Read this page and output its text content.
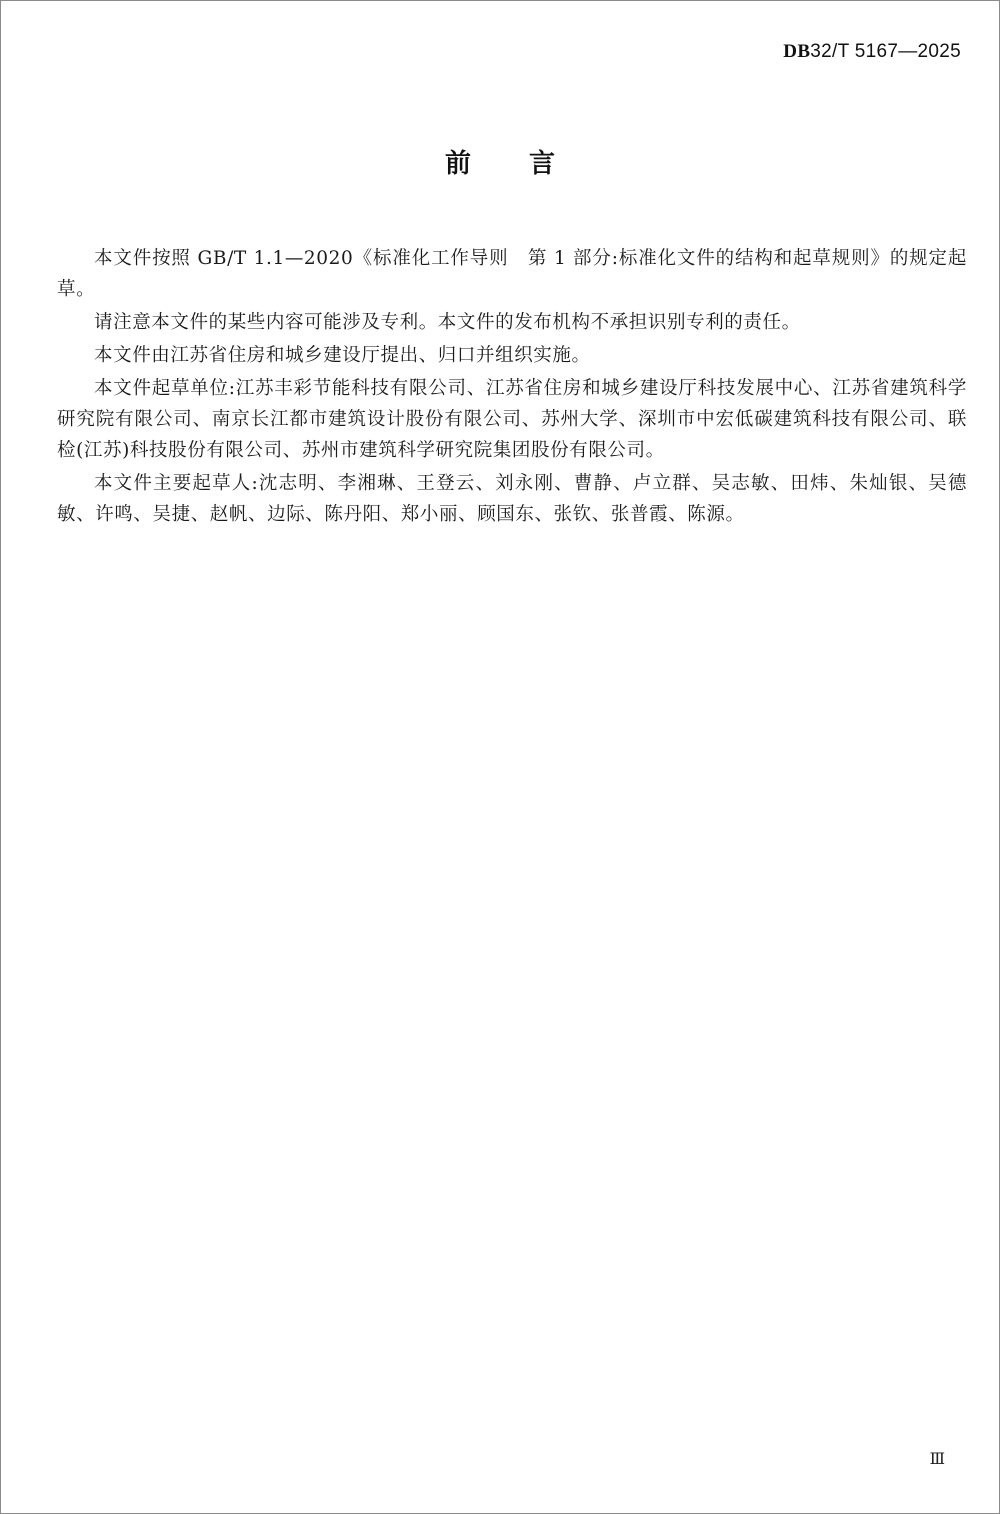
DB32/T 5167—2025
前言

本文件按照 GB/T 1.1—2020《标准化工作导则　第 1 部分:标准化文件的结构和起草规则》的规定起草。

请注意本文件的某些内容可能涉及专利。本文件的发布机构不承担识别专利的责任。

本文件由江苏省住房和城乡建设厅提出、归口并组织实施。

本文件起草单位:江苏丰彩节能科技有限公司、江苏省住房和城乡建设厅科技发展中心、江苏省建筑科学研究院有限公司、南京长江都市建筑设计股份有限公司、苏州大学、深圳市中宏低碳建筑科技有限公司、联检(江苏)科技股份有限公司、苏州市建筑科学研究院集团股份有限公司。

本文件主要起草人:沈志明、李湘琳、王登云、刘永刚、曹静、卢立群、吴志敏、田炜、朱灿银、吴德敏、许鸣、吴捷、赵帆、边际、陈丹阳、郑小丽、顾国东、张钦、张普霞、陈源。

Ⅲ
